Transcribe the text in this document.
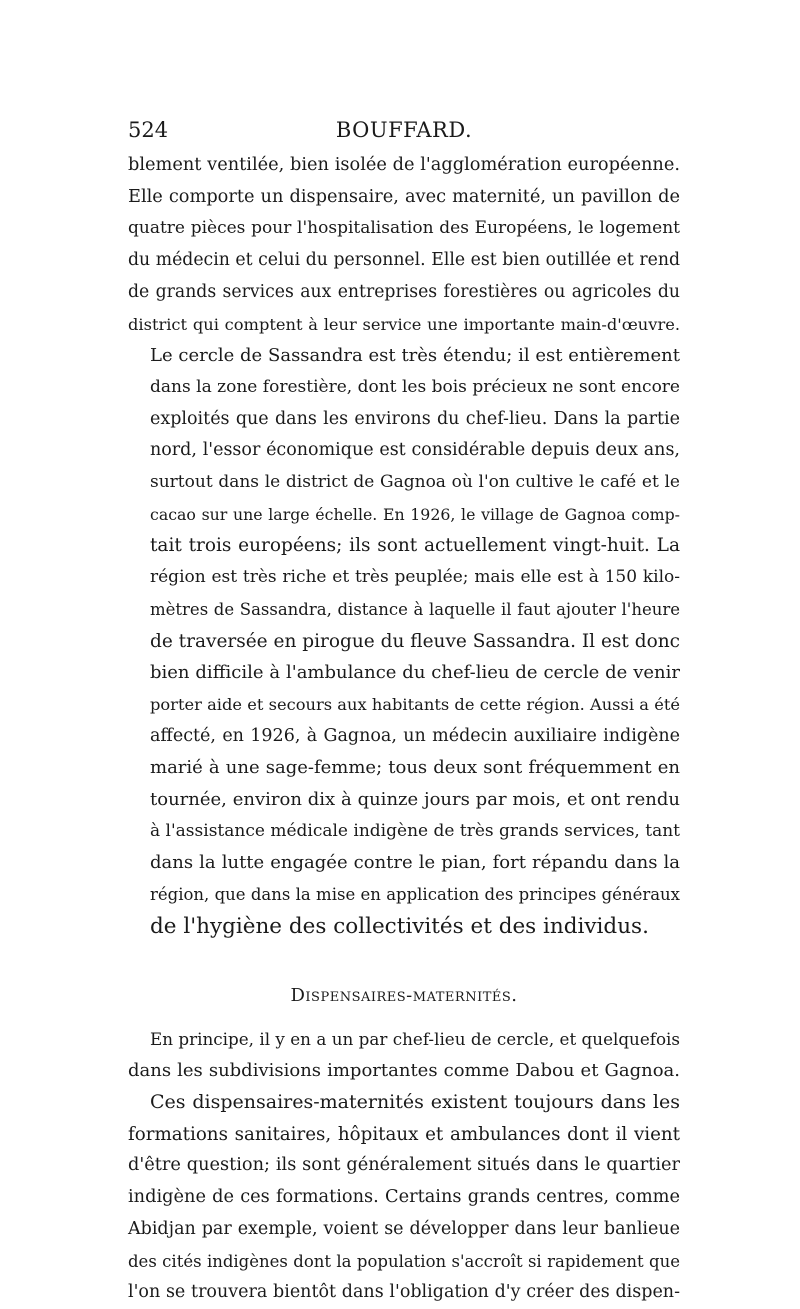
524	BOUFFARD.

blement ventilée, bien isolée de l'agglomération européenne.
Elle comporte un dispensaire, avec maternité, un pavillon de
quatre pièces pour l'hospitalisation des Européens, le logement
du médecin et celui du personnel. Elle est bien outillée et rend
de grands services aux entreprises forestières ou agricoles du
district qui comptent à leur service une importante main-d'œuvre.

Le cercle de Sassandra est très étendu; il est entièrement
dans la zone forestière, dont les bois précieux ne sont encore
exploités que dans les environs du chef-lieu. Dans la partie
nord, l'essor économique est considérable depuis deux ans,
surtout dans le district de Gagnoa où l'on cultive le café et le
cacao sur une large échelle. En 1926, le village de Gagnoa comp-
tait trois européens; ils sont actuellement vingt-huit. La
région est très riche et très peuplée; mais elle est à 150 kilo-
mètres de Sassandra, distance à laquelle il faut ajouter l'heure
de traversée en pirogue du fleuve Sassandra. Il est donc
bien difficile à l'ambulance du chef-lieu de cercle de venir
porter aide et secours aux habitants de cette région. Aussi a été
affecté, en 1926, à Gagnoa, un médecin auxiliaire indigène
marié à une sage-femme; tous deux sont fréquemment en
tournée, environ dix à quinze jours par mois, et ont rendu
à l'assistance médicale indigène de très grands services, tant
dans la lutte engagée contre le pian, fort répandu dans la
région, que dans la mise en application des principes généraux
de l'hygiène des collectivités et des individus.

Dispensaires-maternités.

En principe, il y en a un par chef-lieu de cercle, et quelquefois
dans les subdivisions importantes comme Dabou et Gagnoa.

Ces dispensaires-maternités existent toujours dans les
formations sanitaires, hôpitaux et ambulances dont il vient
d'être question; ils sont généralement situés dans le quartier
indigène de ces formations. Certains grands centres, comme
Abidjan par exemple, voient se développer dans leur banlieue
des cités indigènes dont la population s'accroît si rapidement que
l'on se trouvera bientôt dans l'obligation d'y créer des dispen-
